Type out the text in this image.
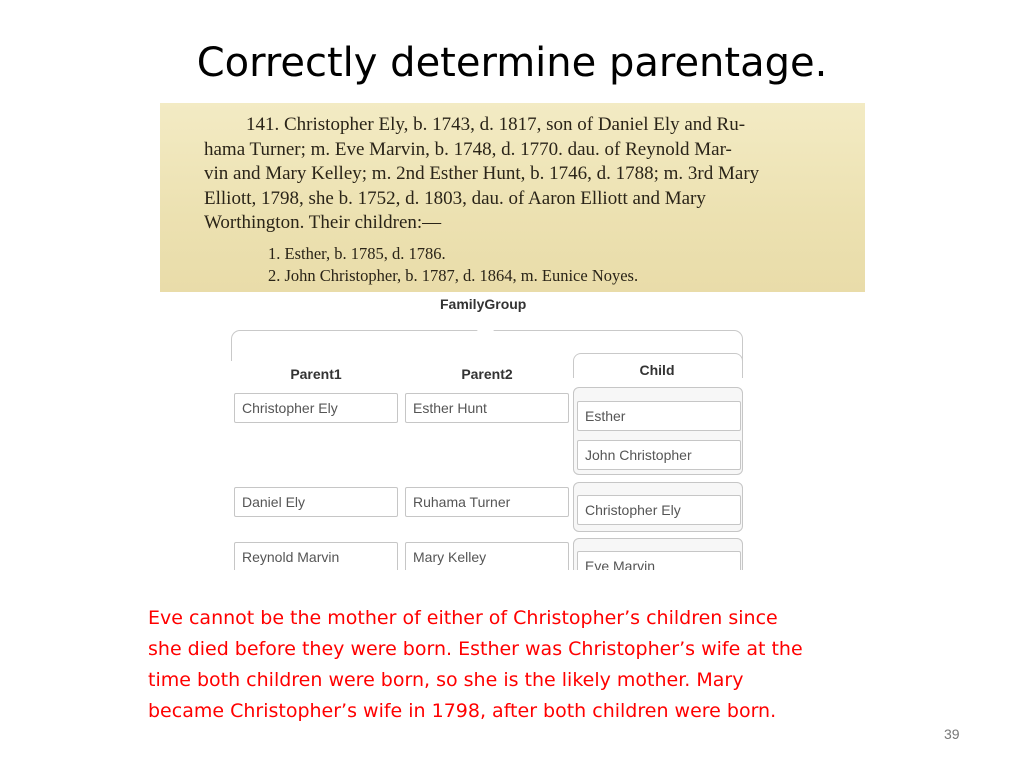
Correctly determine parentage.
141. Christopher Ely, b. 1743, d. 1817, son of Daniel Ely and Ru-
hama Turner; m. Eve Marvin, b. 1748, d. 1770. dau. of Reynold Mar-
vin and Mary Kelley; m. 2nd Esther Hunt, b. 1746, d. 1788; m. 3rd Mary
Elliott, 1798, she b. 1752, d. 1803, dau. of Aaron Elliott and Mary
Worthington. Their children:—
1. Esther, b. 1785, d. 1786.
2. John Christopher, b. 1787, d. 1864, m. Eunice Noyes.
FamilyGroup
Parent1	Parent2	Child
Christopher Ely	Esther Hunt	Esther
John Christopher
Daniel Ely	Ruhama Turner	Christopher Ely
Reynold Marvin	Mary Kelley
Eve Marvin
Eve cannot be the mother of either of Christopher’s children since
she died before they were born. Esther was Christopher’s wife at the
time both children were born, so she is the likely mother. Mary
became Christopher’s wife in 1798, after both children were born.
39
